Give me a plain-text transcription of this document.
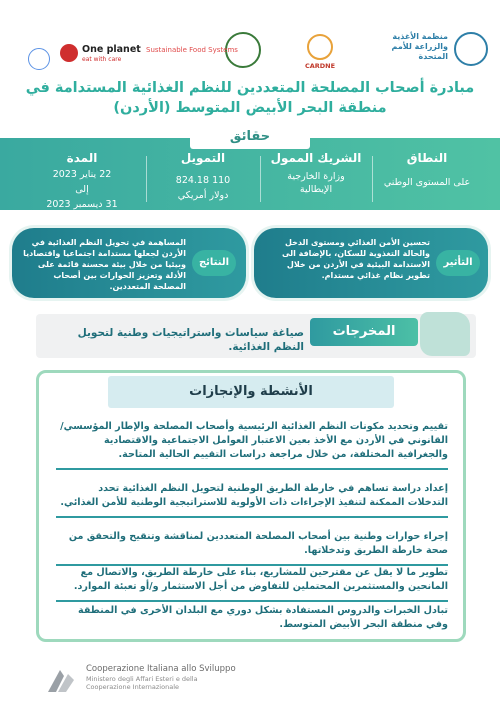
منظمة الأغذية والزراعة للأمم المتحدة
CARDNE
Sustainable Food Systems
One planet
eat with care
مبادرة أصحاب المصلحة المتعددين للنظم الغذائية المستدامة في منطقة البحر الأبيض المتوسط (الأردن)
حقائق
النطاق
على المستوى الوطني
الشريك الممول
وزارة الخارجية الإيطالية
التمويل
110 824.18
دولار أمريكي
المدة
22 يناير 2023
إلى
31 ديسمبر 2023
التأثير
تحسين الأمن الغذائي ومستوى الدخل والحالة التغذوية للسكان، بالإضافة الى الاستدامة البيئية في الأردن من خلال تطوير نظام غذائي مستدام.
النتائج
المساهمة في تحويل النظم الغذائية في الأردن لجعلها مستدامة اجتماعيا واقتصاديا وبيئيا من خلال بيئة محسنة قائمة على الأدلة وتعزيز الحوارات بين أصحاب المصلحة المتعددين.
المخرجات
صياغة سياسات واستراتيجيات وطنية لتحويل النظم الغذائية.
الأنشطة والإنجازات
تقييم وتحديد مكونات النظم الغذائية الرئيسية وأصحاب المصلحة والإطار المؤسسي/ القانوني في الأردن مع الأخذ بعين الاعتبار العوامل الاجتماعية والاقتصادية والجغرافية المختلفة، من خلال مراجعة دراسات التقييم الحالية المتاحة.
إعداد دراسة تساهم في خارطة الطريق الوطنية لتحويل النظم الغذائية تحدد التدخلات الممكنة لتنفيذ الإجراءات ذات الأولوية للاستراتيجية الوطنية للأمن الغذائي.
إجراء حوارات وطنية بين أصحاب المصلحة المتعددين لمناقشة وتنقيح والتحقق من صحة خارطة الطريق وتدخلاتها.
تطوير ما لا يقل عن مقترحين للمشاريع، بناء على خارطة الطريق، والاتصال مع المانحين والمستثمرين المحتملين للتفاوض من أجل الاستثمار و/أو تعبئة الموارد.
تبادل الخبرات والدروس المستفادة بشكل دوري مع البلدان الأخرى في المنطقة وفي منطقة البحر الأبيض المتوسط.
Cooperazione Italiana allo Sviluppo
Ministero degli Affari Esteri e della Cooperazione Internazionale
